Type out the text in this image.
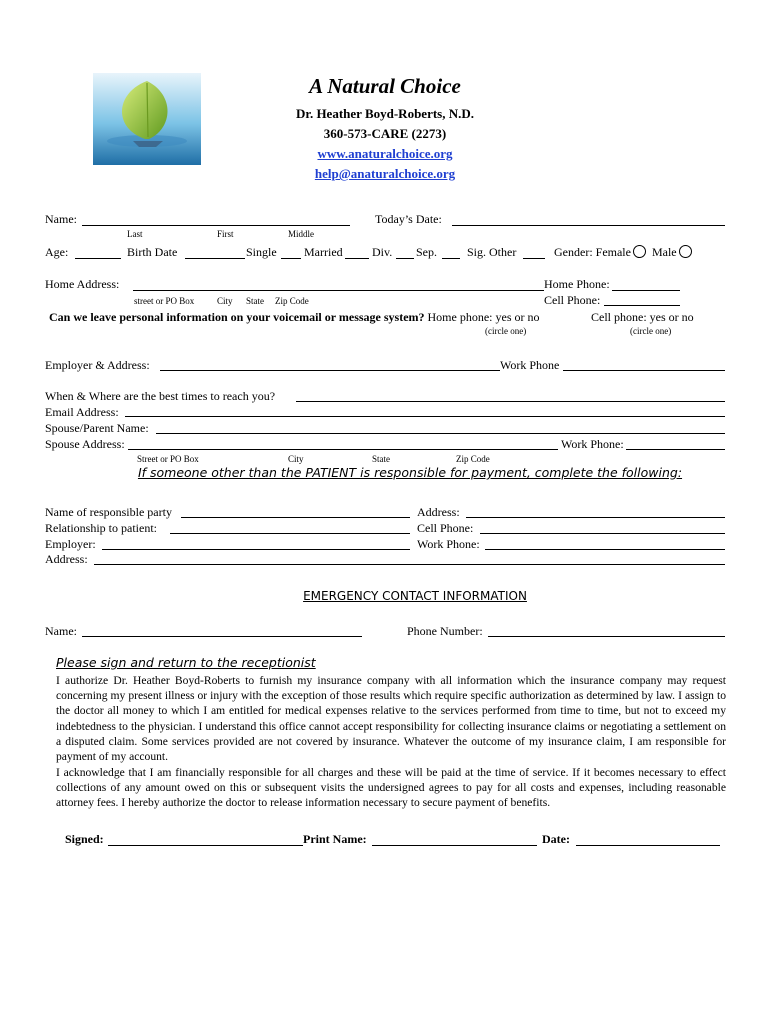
A Natural Choice
Dr. Heather Boyd-Roberts, N.D.
360-573-CARE (2273)
www.anaturalchoice.org
help@anaturalchoice.org
Name:
Last	First	Middle
Today’s Date:
Age:	Birth Date	Single Married Div. Sep.	Sig. Other	Gender: Female Male
Home Address:	Home Phone:
street or PO Box	City State Zip Code	Cell Phone:
Can we leave personal information on your voicemail or message system? Home phone: yes or no	Cell phone: yes or no
(circle one)	(circle one)
Employer & Address:	Work Phone
When & Where are the best times to reach you?
Email Address:
Spouse/Parent Name:
Spouse Address:	Work Phone:
Street or PO Box	City	State	Zip Code
If someone other than the PATIENT is responsible for payment, complete the following:
Name of responsible party	Address:
Relationship to patient:	Cell Phone:
Employer:	Work Phone:
Address:
EMERGENCY CONTACT INFORMATION
Name:	Phone Number:
Please sign and return to the receptionist
I authorize Dr. Heather Boyd-Roberts to furnish my insurance company with all information which the insurance company may request concerning my present illness or injury with the exception of those results which require specific authorization as determined by law. I assign to the doctor all money to which I am entitled for medical expenses relative to the services performed from time to time, but not to exceed my indebtedness to the physician. I understand this office cannot accept responsibility for collecting insurance claims or negotiating a settlement on a disputed claim. Some services provided are not covered by insurance. Whatever the outcome of my insurance claim, I am responsible for payment of my account.
I acknowledge that I am financially responsible for all charges and these will be paid at the time of service. If it becomes necessary to effect collections of any amount owed on this or subsequent visits the undersigned agrees to pay for all costs and expenses, including reasonable attorney fees. I hereby authorize the doctor to release information necessary to secure payment of benefits.
Signed:	Print Name:	Date:
